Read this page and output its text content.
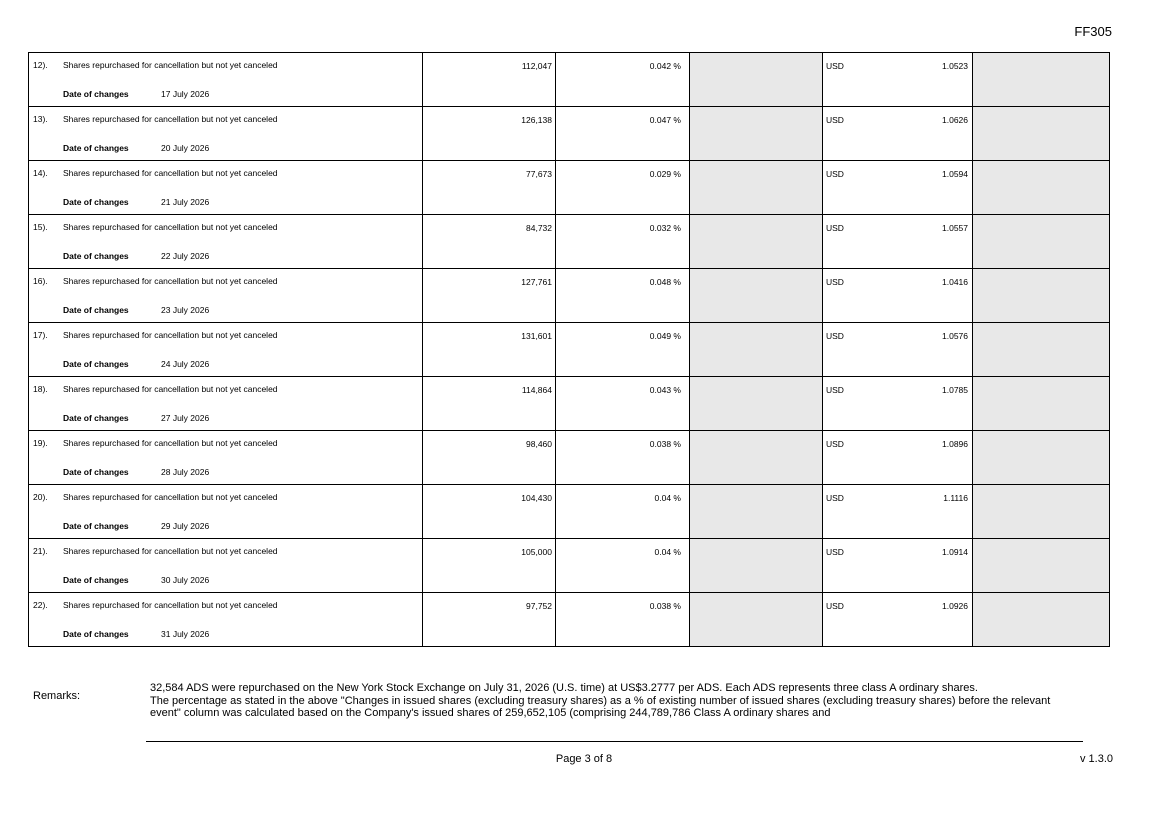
FF305
12). Shares repurchased for cancellation but not yet canceled
Date of changes 17 July 2026	112,047	0.042 %		USD 1.0523	

13). Shares repurchased for cancellation but not yet canceled
Date of changes 20 July 2026	126,138	0.047 %		USD 1.0626	

14). Shares repurchased for cancellation but not yet canceled
Date of changes 21 July 2026	77,673	0.029 %		USD 1.0594	

15). Shares repurchased for cancellation but not yet canceled
Date of changes 22 July 2026	84,732	0.032 %		USD 1.0557	

16). Shares repurchased for cancellation but not yet canceled
Date of changes 23 July 2026	127,761	0.048 %		USD 1.0416	

17). Shares repurchased for cancellation but not yet canceled
Date of changes 24 July 2026	131,601	0.049 %		USD 1.0576	

18). Shares repurchased for cancellation but not yet canceled
Date of changes 27 July 2026	114,864	0.043 %		USD 1.0785	

19). Shares repurchased for cancellation but not yet canceled
Date of changes 28 July 2026	98,460	0.038 %		USD 1.0896	

20). Shares repurchased for cancellation but not yet canceled
Date of changes 29 July 2026	104,430	0.04 %		USD 1.1116	

21). Shares repurchased for cancellation but not yet canceled
Date of changes 30 July 2026	105,000	0.04 %		USD 1.0914	

22). Shares repurchased for cancellation but not yet canceled
Date of changes 31 July 2026	97,752	0.038 %		USD 1.0926	

Remarks:

32,584 ADS were repurchased on the New York Stock Exchange on July 31, 2026 (U.S. time) at US$3.2777 per ADS. Each ADS represents three class A ordinary shares.

The percentage as stated in the above "Changes in issued shares (excluding treasury shares) as a % of existing number of issued shares (excluding treasury shares) before the relevant event" column was calculated based on the Company's issued shares of 259,652,105 (comprising 244,789,786 Class A ordinary shares and

Page 3 of 8	v 1.3.0
